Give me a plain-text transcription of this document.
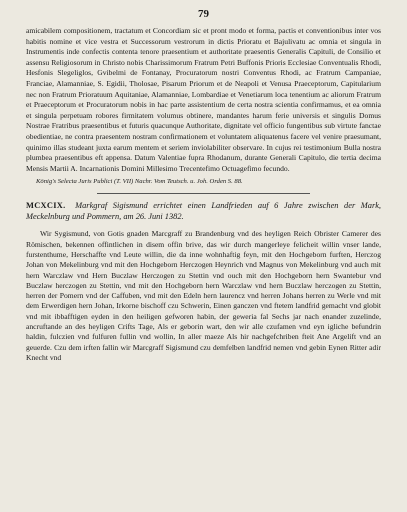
79

amicabilem compositionem, tractatum et Concordiam sic et pront modo et forma, pactis et conventionibus inter vos habitis nomine et vice vestra et Successorum vestrorum in dictis Prioratu et Bajulivatu ac omnia et singula in Instrumentis inde confectis contenta tenore praesentium et authoritate praesentis Generalis Capituli, de Consilio et assensu Religiosorum in Christo nobis Charissimorum Fratrum Petri Buffonis Prioris Ecclesiae Conventualis Rhodi, Hesfonis Slegeliglos, Gvibelmi de Fontanay, Procuratorum nostri Conventus Rhodi, ac Fratrum Campaniae, Franciae, Alamanniae, S. Egidii, Tholosae, Pisarum Priorum et de Neapoli et Venusa Praeceptorum, Capitularium nec non Fratrum Prioratuum Aquitaniae, Alamanniae, Lombardiae et Venetiarum loca tenentium ac aliorum Fratrum et Praeceptorum et Procuratorum nobis in hac parte assistentium de certa nostra scientia confirmamus, et ea omnia et singula perpetuam robores firmitatem volumus obtinere, mandantes harum ferie universis et singulis Domus Nostrae Fratribus praesentibus et futuris quacunque Authoritate, dignitate vel officio fungentibus sub virtute fanctae obedientiae, ne contra praesentem nostram confirmationem et voluntatem aliquatenus facere vel venire praesumant, quinimo illas studeant juxta earum mentem et seriem inviolabiliter observare. In cujus rei testimonium Bulla nostra plumbea praesentibus eft appensa. Datum Valentiae fupra Rhodanum, durante Generali Capitulo, die tertia decima Mensis Martii A. Incarnationis Domini Millesimo Trecentefimo Octuagefimo fecundo.

Kōnig's Selecta Juris Publici (T. VII) Nachr. Vom Teutsch. u. Joh. Orden S. 88.
MCXCIX. Markgraf Sigismund errichtet einen Landfrieden auf 6 Jahre zwischen der Mark, Meckelnburg und Pommern, am 26. Juni 1382.

Wir Sygismund, von Gotis gnaden Marcgraff zu Brandenburg vnd des heyligen Reich Obrister Camerer des Römischen, bekennen offintlichen in disem offin brive, das wir durch mangerleye felicheit willin vnser lande, furstenthume, Herschaffte vnd Leute willin, die da inne wohnhaftig feyn, mit den Hochgeborn furften, Herczog Johan von Mekelinburg vnd mit den Hochgeborn Herczogen Heynrich vnd Magnus von Mekelinburg vnd auch mit hern Warczlaw vnd Hern Buczlaw Herczogen zu Stettin vnd ouch mit den Hochgeborn hern Swantebur vnd Buczlaw herczogen zu Stettin, vnd mit den Hochgeborn hern Warczlaw vnd hern Buczlaw herczogen zu Stettin, herren der Pomern vnd der Caffuben, vnd mit den Edeln hern laurencz vnd herren Johans herren zu Werle vnd mit dem Erwerdigen hern Johan, Irkorne bischoff czu Schwerin, Einen ganczen vnd ftetem landfrid gemacht vnd globit vnd mit ibbafftigen eyden in den heiligen gefworen habin, der geweria fal Sechs jar nach enander zuzelinde, ancruftande an des heyligen Crifts Tage, Als er geborin wart, den wir alle czufamen vnd eyn igliche befundrin haldin, fulczien vnd fulfuren fullin vnd wollin, In aller maeze Als hir nachgefchriben fteit Ane Argelift vnd an geuerde. Czu dem irften fallin wir Marcgraff Sigismund czu demfelben landfrid nemen vnd gebin Eynen Ritter adir Knecht vnd
